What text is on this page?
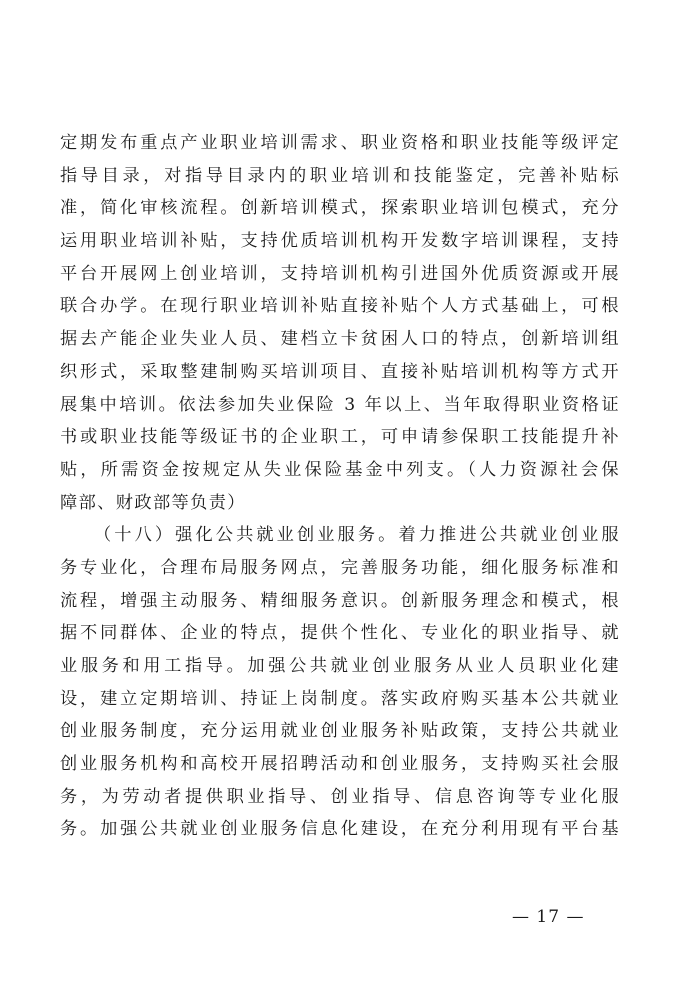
定期发布重点产业职业培训需求、职业资格和职业技能等级评定
指导目录，对指导目录内的职业培训和技能鉴定，完善补贴标
准，简化审核流程。创新培训模式，探索职业培训包模式，充分
运用职业培训补贴，支持优质培训机构开发数字培训课程，支持
平台开展网上创业培训，支持培训机构引进国外优质资源或开展
联合办学。在现行职业培训补贴直接补贴个人方式基础上，可根
据去产能企业失业人员、建档立卡贫困人口的特点，创新培训组
织形式，采取整建制购买培训项目、直接补贴培训机构等方式开
展集中培训。依法参加失业保险 3 年以上、当年取得职业资格证
书或职业技能等级证书的企业职工，可申请参保职工技能提升补
贴，所需资金按规定从失业保险基金中列支。（人力资源社会保
障部、财政部等负责）
（十八）强化公共就业创业服务。着力推进公共就业创业服
务专业化，合理布局服务网点，完善服务功能，细化服务标准和
流程，增强主动服务、精细服务意识。创新服务理念和模式，根
据不同群体、企业的特点，提供个性化、专业化的职业指导、就
业服务和用工指导。加强公共就业创业服务从业人员职业化建
设，建立定期培训、持证上岗制度。落实政府购买基本公共就业
创业服务制度，充分运用就业创业服务补贴政策，支持公共就业
创业服务机构和高校开展招聘活动和创业服务，支持购买社会服
务，为劳动者提供职业指导、创业指导、信息咨询等专业化服
务。加强公共就业创业服务信息化建设，在充分利用现有平台基
— 17 —
